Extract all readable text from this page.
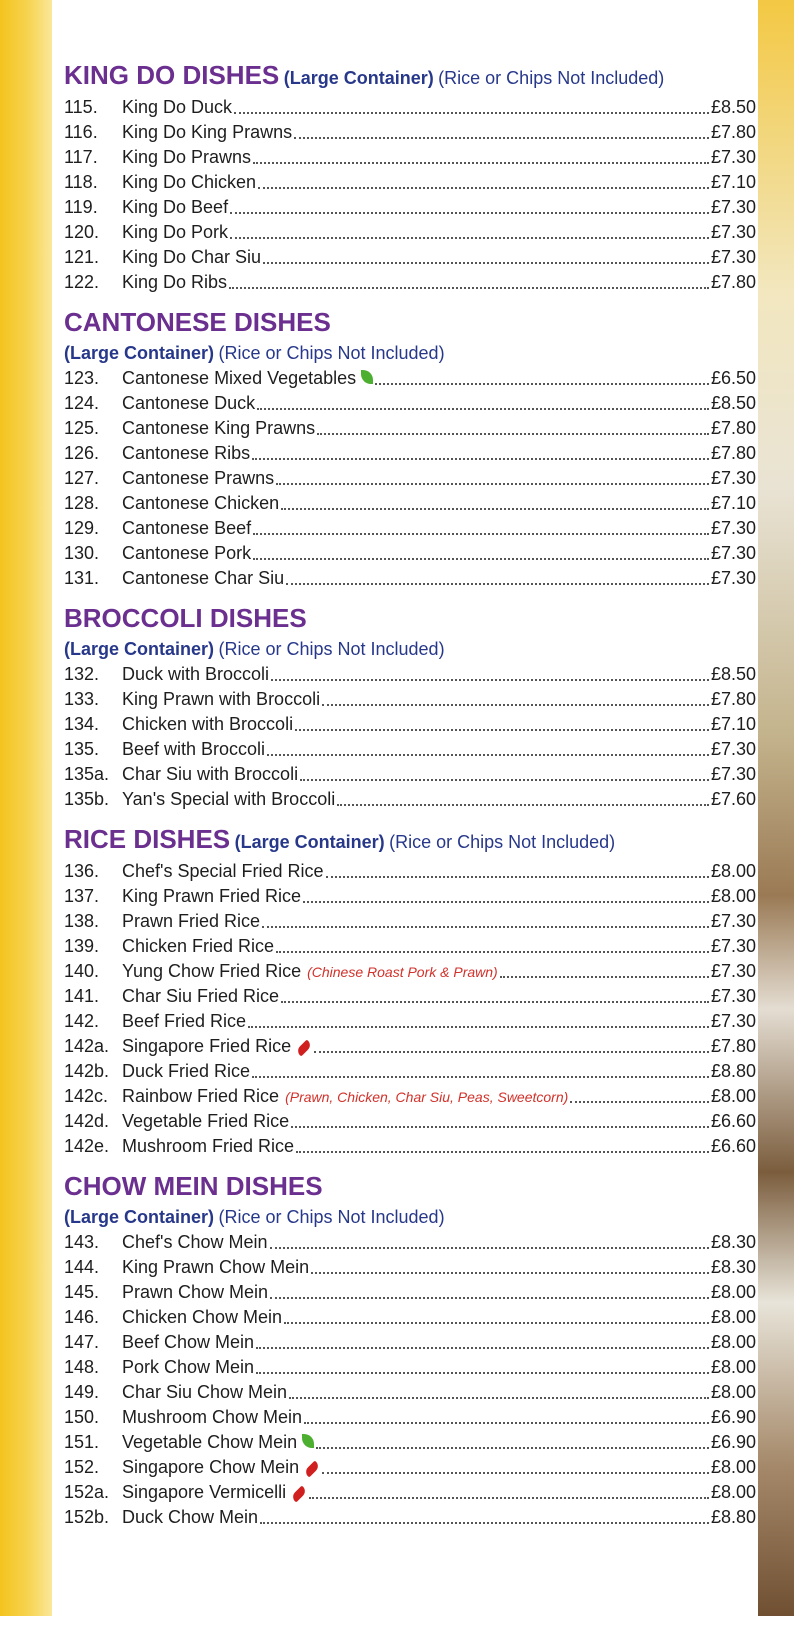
KING DO DISHES (Large Container) (Rice or Chips Not Included)
115.	King Do Duck	£8.50
116.	King Do King Prawns	£7.80
117.	King Do Prawns	£7.30
118.	King Do Chicken	£7.10
119.	King Do Beef	£7.30
120.	King Do Pork	£7.30
121.	King Do Char Siu	£7.30
122.	King Do Ribs	£7.80
CANTONESE DISHES
(Large Container) (Rice or Chips Not Included)
123.	Cantonese Mixed Vegetables	£6.50
124.	Cantonese Duck	£8.50
125.	Cantonese King Prawns	£7.80
126.	Cantonese Ribs	£7.80
127.	Cantonese Prawns	£7.30
128.	Cantonese Chicken	£7.10
129.	Cantonese Beef	£7.30
130.	Cantonese Pork	£7.30
131.	Cantonese Char Siu	£7.30
BROCCOLI DISHES
(Large Container) (Rice or Chips Not Included)
132.	Duck with Broccoli	£8.50
133.	King Prawn with Broccoli	£7.80
134.	Chicken with Broccoli	£7.10
135.	Beef with Broccoli	£7.30
135a. Char Siu with Broccoli	£7.30
135b. Yan's Special with Broccoli	£7.60
RICE DISHES (Large Container) (Rice or Chips Not Included)
136.	Chef's Special Fried Rice	£8.00
137.	King Prawn Fried Rice	£8.00
138.	Prawn Fried Rice	£7.30
139.	Chicken Fried Rice	£7.30
140.	Yung Chow Fried Rice (Chinese Roast Pork & Prawn)	£7.30
141.	Char Siu Fried Rice	£7.30
142.	Beef Fried Rice	£7.30
142a. Singapore Fried Rice	£7.80
142b. Duck Fried Rice	£8.80
142c. Rainbow Fried Rice (Prawn, Chicken, Char Siu, Peas, Sweetcorn)	£8.00
142d. Vegetable Fried Rice	£6.60
142e. Mushroom Fried Rice	£6.60
CHOW MEIN DISHES
(Large Container) (Rice or Chips Not Included)
143.	Chef's Chow Mein	£8.30
144.	King Prawn Chow Mein	£8.30
145.	Prawn Chow Mein	£8.00
146.	Chicken Chow Mein	£8.00
147.	Beef Chow Mein	£8.00
148.	Pork Chow Mein	£8.00
149.	Char Siu Chow Mein	£8.00
150.	Mushroom Chow Mein	£6.90
151.	Vegetable Chow Mein	£6.90
152.	Singapore Chow Mein	£8.00
152a. Singapore Vermicelli	£8.00
152b. Duck Chow Mein	£8.80
